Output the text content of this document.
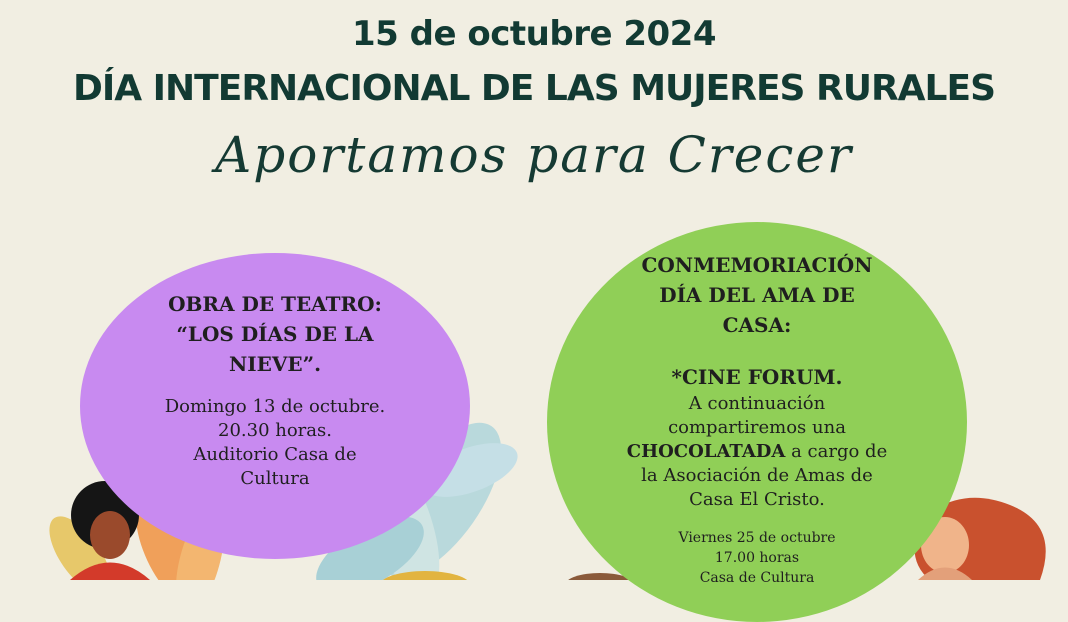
15 de octubre 2024
DÍA INTERNACIONAL DE LAS MUJERES RURALES
Aportamos para Crecer
OBRA DE TEATRO:
“LOS DÍAS DE LA
NIEVE”.
Domingo 13 de octubre.
20.30 horas.
Auditorio Casa de
Cultura
CONMEMORIACIÓN
DÍA DEL AMA DE
CASA:
*CINE FORUM.
A continuación
compartiremos una
CHOCOLATADA a cargo de
la Asociación de Amas de
Casa El Cristo.
Viernes 25 de octubre
17.00 horas
Casa de Cultura
